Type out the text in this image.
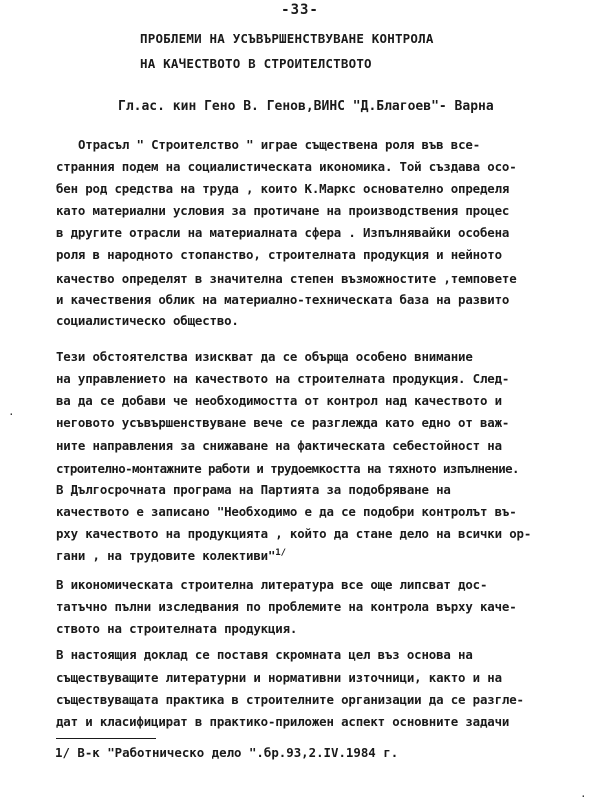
-33-
ПРОБЛЕМИ НА УСЪВЪРШЕНСТВУВАНЕ КОНТРОЛА
НА КАЧЕСТВОТО В СТРОИТЕЛСТВОТО
Гл.ас. кин Гено В. Генов,ВИНС "Д.Благоев"- Варна
Отрасъл " Строителство " играе съществена роля във все-
странния подем на социалистическата икономика. Той създава осо-
бен род средства на труда , които К.Маркс основателно определя
като материални условия за протичане на производствения процес
в другите отрасли на материалната сфера . Изпълнявайки особена
роля в народното стопанство, строителната продукция и нейното
качество определят в значителна степен възможностите ,темповете
и качествения облик на материално-техническата база на развито
социалистическо общество.
Тези обстоятелства изискват да се обърща особено внимание
на управлението на качеството на строителната продукция. След-
ва да се добави че необходимостта от контрол над качеството и
неговото усъвършенствуване вече се разглежда като едно от важ-
ните направления за снижаване на фактическата себестойност на
строително-монтажните работи и трудоемкостта на тяхното изпълнение.
В Дългосрочната програма на Партията за подобряване на
качеството е записано "Необходимо е да се подобри контролът въ-
рху качеството на продукцията , който да стане дело на всички ор-
гани , на трудовите колективи"$^{1/}$
В икономическата строителна литература все още липсват дос-
татъчно пълни изследвания по проблемите на контрола върху каче-
ството на строителната продукция.
В настоящия доклад се поставя скромната цел въз основа на
съществуващите литературни и нормативни източници, както и на
съществуващата практика в строителните организации да се разгле-
дат и класифицират в практико-приложен аспект основните задачи
1/ В-к "Работническо дело ".бр.93,2.IV.1984 г.
·
·
